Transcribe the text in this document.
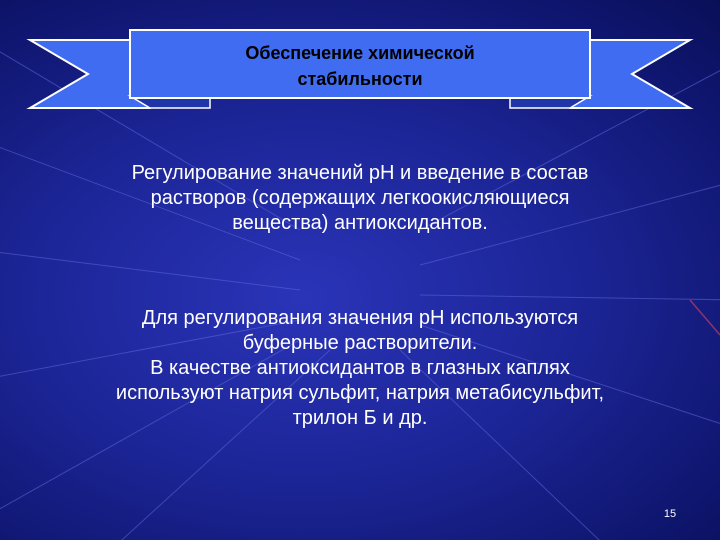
Обеспечение химической
стабильности
Регулирование значений pH и введение в состав
растворов (содержащих легкоокисляющиеся
вещества) антиоксидантов.
Для регулирования значения pH используются
буферные растворители.
В качестве антиоксидантов в глазных каплях
используют натрия сульфит, натрия метабисульфит,
трилон Б и др.
15
